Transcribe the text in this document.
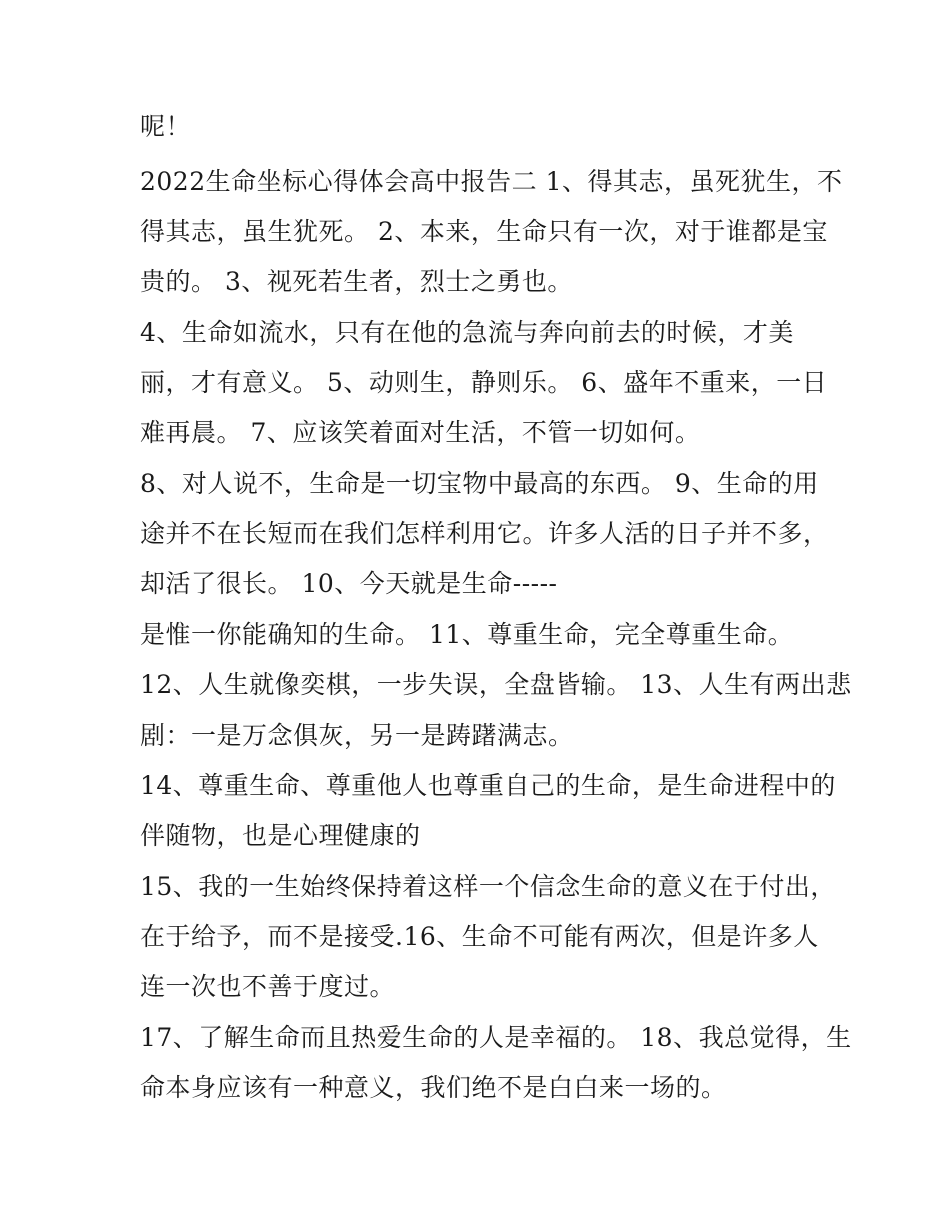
呢！
2022生命坐标心得体会高中报告二 1、得其志，虽死犹生，不
得其志，虽生犹死。 2、本来，生命只有一次，对于谁都是宝
贵的。 3、视死若生者，烈士之勇也。
4、生命如流水，只有在他的急流与奔向前去的时候，才美
丽，才有意义。 5、动则生，静则乐。 6、盛年不重来，一日
难再晨。 7、应该笑着面对生活，不管一切如何。
8、对人说不，生命是一切宝物中最高的东西。 9、生命的用
途并不在长短而在我们怎样利用它。许多人活的日子并不多，
却活了很长。 10、今天就是生命-----
是惟一你能确知的生命。 11、尊重生命，完全尊重生命。
12、人生就像奕棋，一步失误，全盘皆输。 13、人生有两出悲
剧：一是万念俱灰，另一是踌躇满志。
14、尊重生命、尊重他人也尊重自己的生命，是生命进程中的
伴随物，也是心理健康的
15、我的一生始终保持着这样一个信念生命的意义在于付出，
在于给予，而不是接受.16、生命不可能有两次，但是许多人
连一次也不善于度过。
17、了解生命而且热爱生命的人是幸福的。 18、我总觉得，生
命本身应该有一种意义，我们绝不是白白来一场的。
